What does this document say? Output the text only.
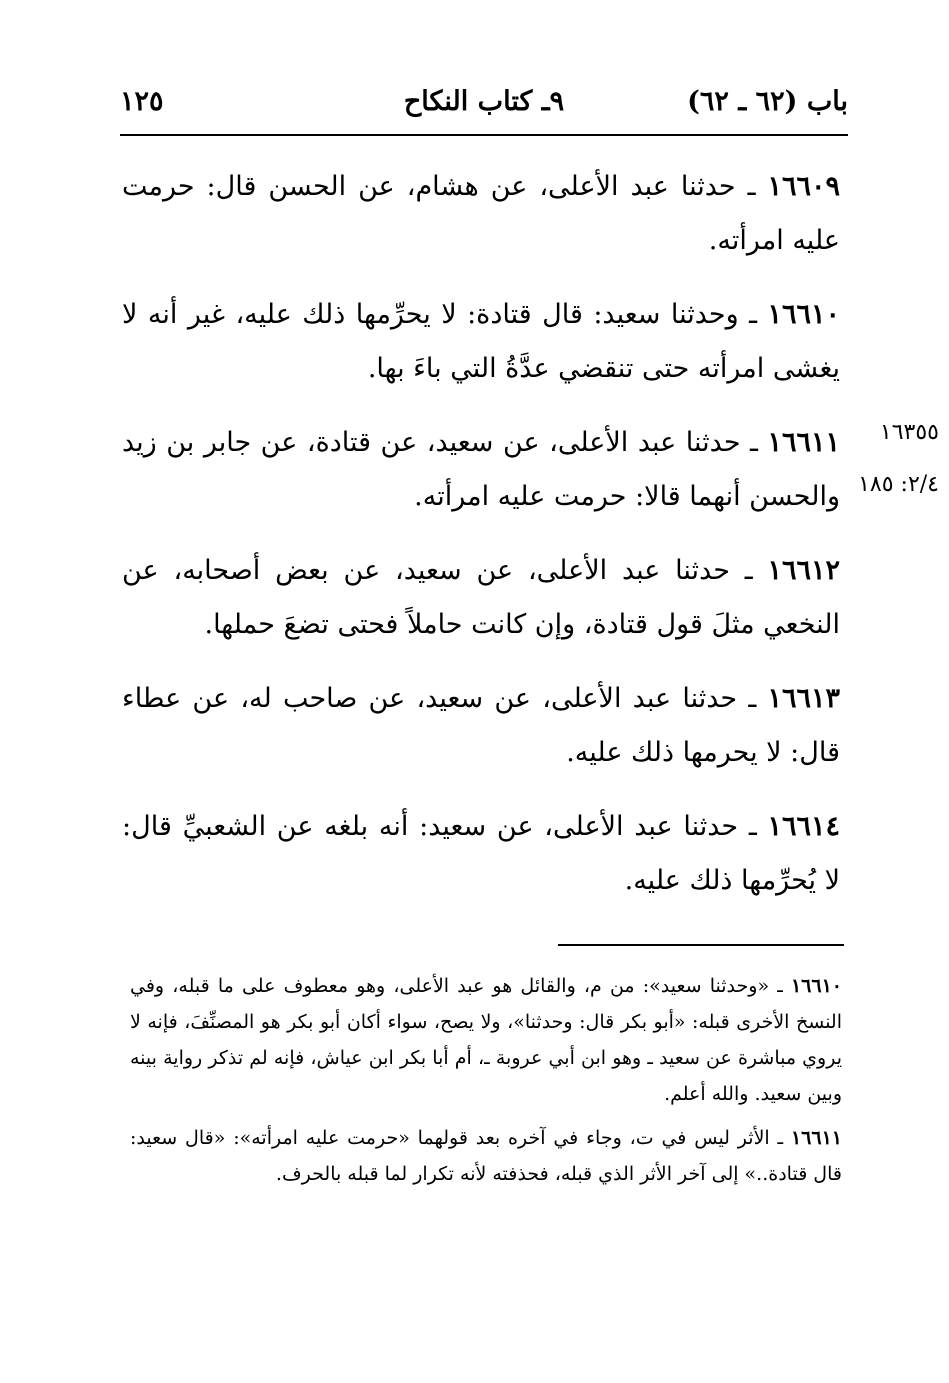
باب (٦٢ ـ ٦٢)
٩ـ كتاب النكاح
١٢٥

١٦٦٠٩ ـ حدثنا عبد الأعلى، عن هشام، عن الحسن قال: حرمت عليه امرأته.

١٦٦١٠ ـ وحدثنا سعيد: قال قتادة: لا يحرِّمها ذلك عليه، غير أنه لا يغشى امرأته حتى تنقضي عدَّةُ التي باءَ بها.

١٦٦١١ ـ حدثنا عبد الأعلى، عن سعيد، عن قتادة، عن جابر بن زيد والحسن أنهما قالا: حرمت عليه امرأته.

١٦٦١٢ ـ حدثنا عبد الأعلى، عن سعيد، عن بعض أصحابه، عن النخعي مثلَ قول قتادة، وإن كانت حاملاً فحتى تضعَ حملها.

١٦٦١٣ ـ حدثنا عبد الأعلى، عن سعيد، عن صاحب له، عن عطاء قال: لا يحرمها ذلك عليه.

١٦٦١٤ ـ حدثنا عبد الأعلى، عن سعيد: أنه بلغه عن الشعبيِّ قال: لا يُحرِّمها ذلك عليه.

١٦٣٥٥
٢/٤: ١٨٥

١٦٦١٠ ـ «وحدثنا سعيد»: من م، والقائل هو عبد الأعلى، وهو معطوف على ما قبله، وفي النسخ الأخرى قبله: «أبو بكر قال: وحدثنا»، ولا يصح، سواء أكان أبو بكر هو المصنِّفَ، فإنه لا يروي مباشرة عن سعيد ـ وهو ابن أبي عروبة ـ، أم أبا بكر ابن عياش، فإنه لم تذكر رواية بينه وبين سعيد. والله أعلم.

١٦٦١١ ـ الأثر ليس في ت، وجاء في آخره بعد قولهما «حرمت عليه امرأته»: «قال سعيد: قال قتادة..» إلى آخر الأثر الذي قبله، فحذفته لأنه تكرار لما قبله بالحرف.
